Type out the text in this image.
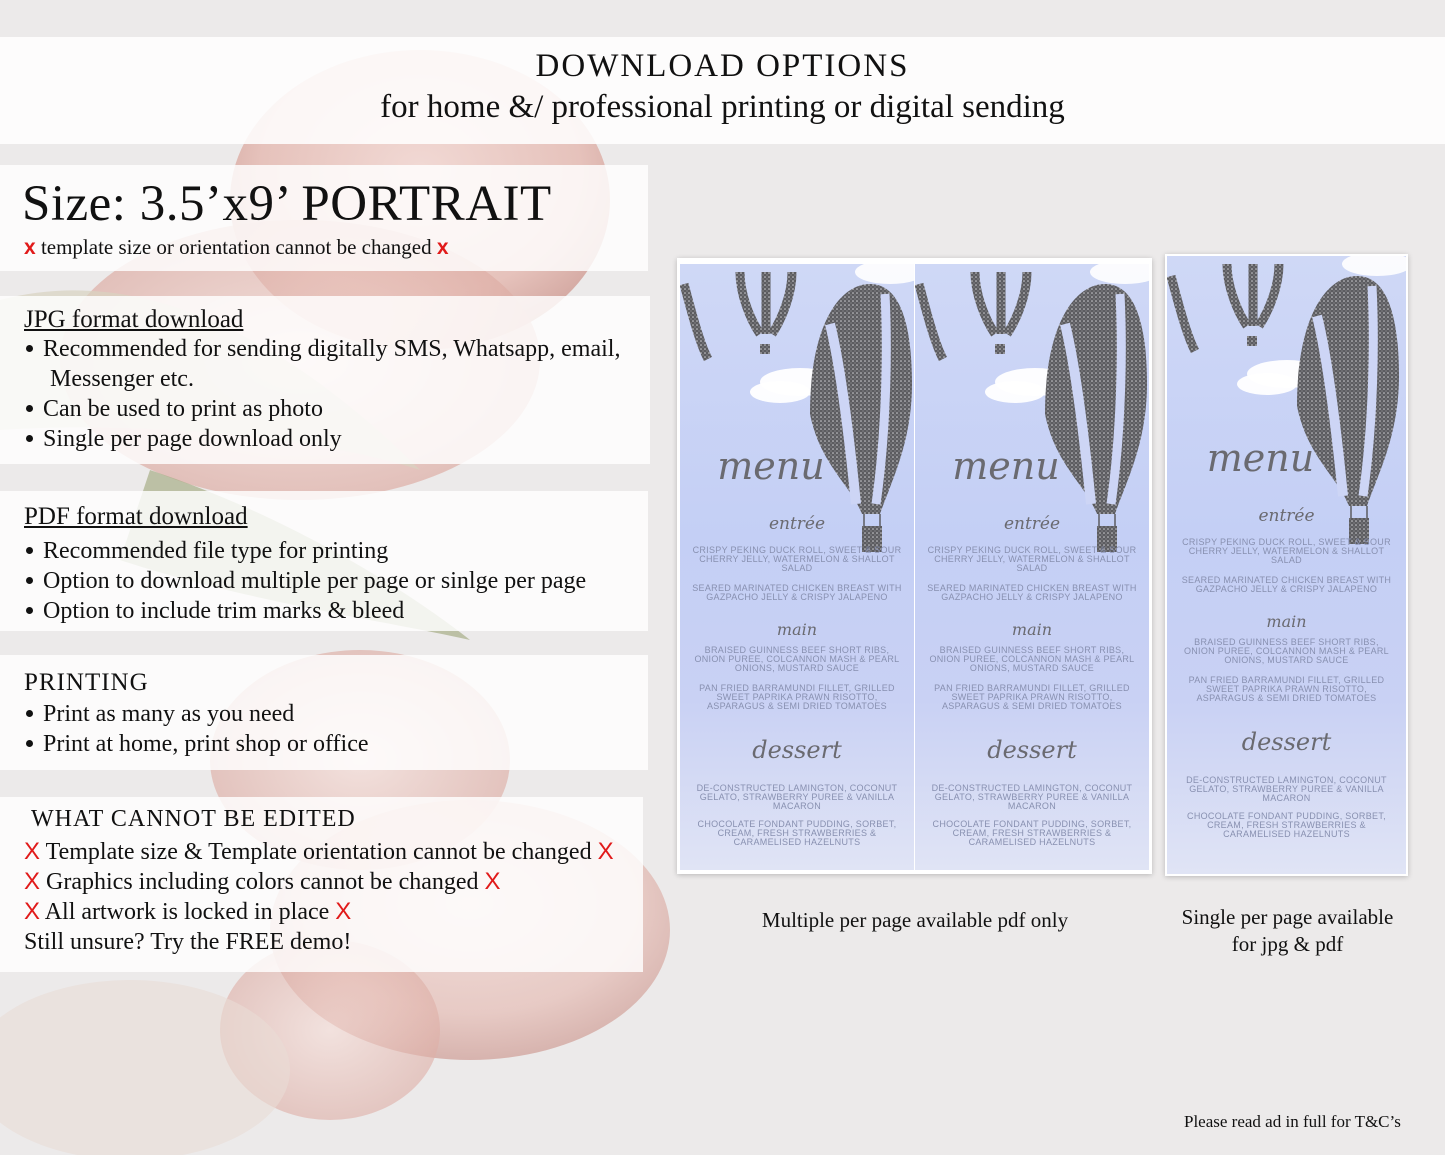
DOWNLOAD OPTIONS
for home &/ professional printing or digital sending
Size: 3.5’x9’ PORTRAIT
x template size or orientation cannot be changed x
JPG format download
Recommended for sending digitally SMS, Whatsapp, email,
Messenger etc.
Can be used to print as photo
Single per page download only
PDF format download
Recommended file type for printing
Option to download multiple per page or sinlge per page
Option to include trim marks & bleed
PRINTING
Print as many as you need
Print at home, print shop or office
WHAT CANNOT BE EDITED
X Template size & Template orientation cannot be changed X
X Graphics including colors cannot be changed X
X All artwork is locked in place X
Still unsure? Try the FREE demo!
menu
entrée
CRISPY PEKING DUCK ROLL, SWEET & SOUR CHERRY JELLY, WATERMELON & SHALLOT SALAD
SEARED MARINATED CHICKEN BREAST WITH GAZPACHO JELLY & CRISPY JALAPENO
main
BRAISED GUINNESS BEEF SHORT RIBS, ONION PUREE, COLCANNON MASH & PEARL ONIONS, MUSTARD SAUCE
PAN FRIED BARRAMUNDI FILLET, GRILLED SWEET PAPRIKA PRAWN RISOTTO, ASPARAGUS & SEMI DRIED TOMATOES
dessert
DE-CONSTRUCTED LAMINGTON, COCONUT GELATO, STRAWBERRY PUREE & VANILLA MACARON
CHOCOLATE FONDANT PUDDING, SORBET, CREAM, FRESH STRAWBERRIES & CARAMELISED HAZELNUTS
menu
entrée
CRISPY PEKING DUCK ROLL, SWEET & SOUR CHERRY JELLY, WATERMELON & SHALLOT SALAD
SEARED MARINATED CHICKEN BREAST WITH GAZPACHO JELLY & CRISPY JALAPENO
main
BRAISED GUINNESS BEEF SHORT RIBS, ONION PUREE, COLCANNON MASH & PEARL ONIONS, MUSTARD SAUCE
PAN FRIED BARRAMUNDI FILLET, GRILLED SWEET PAPRIKA PRAWN RISOTTO, ASPARAGUS & SEMI DRIED TOMATOES
dessert
DE-CONSTRUCTED LAMINGTON, COCONUT GELATO, STRAWBERRY PUREE & VANILLA MACARON
CHOCOLATE FONDANT PUDDING, SORBET, CREAM, FRESH STRAWBERRIES & CARAMELISED HAZELNUTS
menu
entrée
CRISPY PEKING DUCK ROLL, SWEET & SOUR CHERRY JELLY, WATERMELON & SHALLOT SALAD
SEARED MARINATED CHICKEN BREAST WITH GAZPACHO JELLY & CRISPY JALAPENO
main
BRAISED GUINNESS BEEF SHORT RIBS, ONION PUREE, COLCANNON MASH & PEARL ONIONS, MUSTARD SAUCE
PAN FRIED BARRAMUNDI FILLET, GRILLED SWEET PAPRIKA PRAWN RISOTTO, ASPARAGUS & SEMI DRIED TOMATOES
dessert
DE-CONSTRUCTED LAMINGTON, COCONUT GELATO, STRAWBERRY PUREE & VANILLA MACARON
CHOCOLATE FONDANT PUDDING, SORBET, CREAM, FRESH STRAWBERRIES & CARAMELISED HAZELNUTS
Multiple per page available pdf only	Single per page available
for jpg & pdf
Please read ad in full for T&C’s
